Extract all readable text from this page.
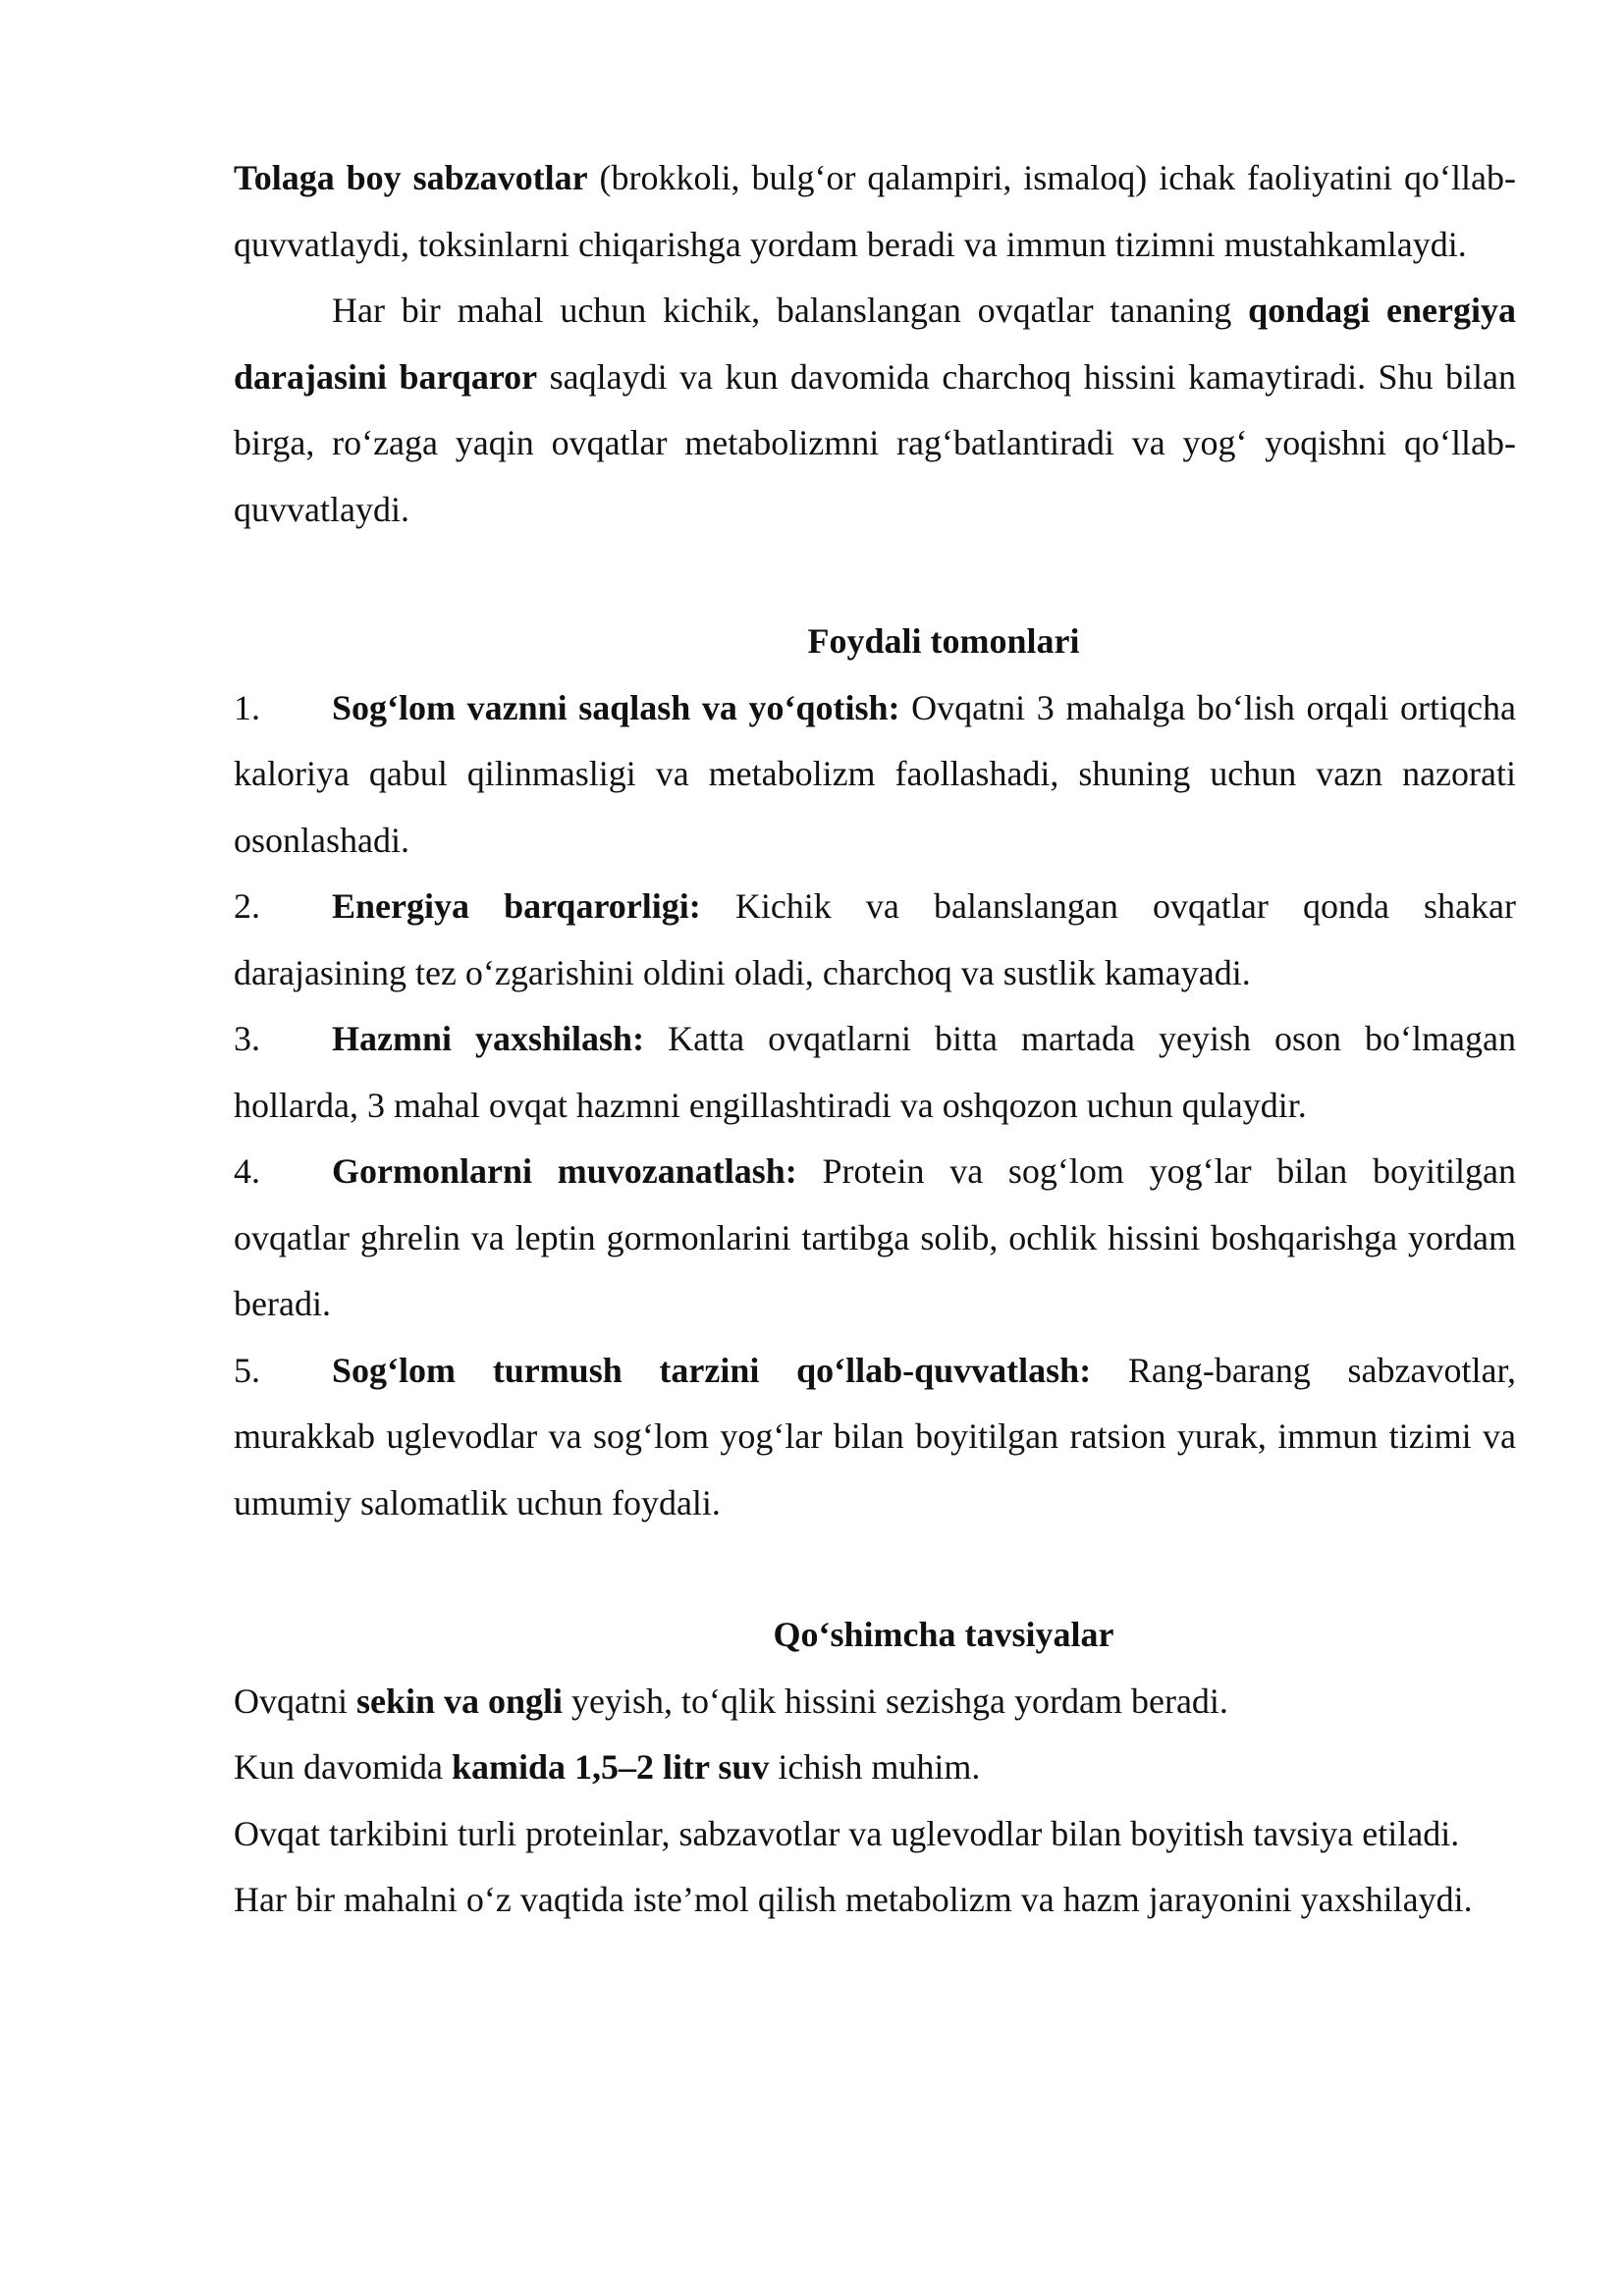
Tolaga boy sabzavotlar (brokkoli, bulg‘or qalampiri, ismaloq) ichak faoliyatini qo‘llab-quvvatlaydi, toksinlarni chiqarishga yordam beradi va immun tizimni mustahkamlaydi.

Har bir mahal uchun kichik, balanslangan ovqatlar tananing qondagi energiya darajasini barqaror saqlaydi va kun davomida charchoq hissini kamaytiradi. Shu bilan birga, ro‘zaga yaqin ovqatlar metabolizmni rag‘batlantiradi va yog‘ yoqishni qo‘llab-quvvatlaydi.

Foydali tomonlari

1. Sog‘lom vaznni saqlash va yo‘qotish: Ovqatni 3 mahalga bo‘lish orqali ortiqcha kaloriya qabul qilinmasligi va metabolizm faollashadi, shuning uchun vazn nazorati osonlashadi.

2. Energiya barqarorligi: Kichik va balanslangan ovqatlar qonda shakar darajasining tez o‘zgarishini oldini oladi, charchoq va sustlik kamayadi.

3. Hazmni yaxshilash: Katta ovqatlarni bitta martada yeyish oson bo‘lmagan hollarda, 3 mahal ovqat hazmni engillashtiradi va oshqozon uchun qulaydir.

4. Gormonlarni muvozanatlash: Protein va sog‘lom yog‘lar bilan boyitilgan ovqatlar ghrelin va leptin gormonlarini tartibga solib, ochlik hissini boshqarishga yordam beradi.

5. Sog‘lom turmush tarzini qo‘llab-quvvatlash: Rang-barang sabzavotlar, murakkab uglevodlar va sog‘lom yog‘lar bilan boyitilgan ratsion yurak, immun tizimi va umumiy salomatlik uchun foydali.

Qo‘shimcha tavsiyalar

Ovqatni sekin va ongli yeyish, to‘qlik hissini sezishga yordam beradi.

Kun davomida kamida 1,5–2 litr suv ichish muhim.

Ovqat tarkibini turli proteinlar, sabzavotlar va uglevodlar bilan boyitish tavsiya etiladi.

Har bir mahalni o‘z vaqtida iste’mol qilish metabolizm va hazm jarayonini yaxshilaydi.
